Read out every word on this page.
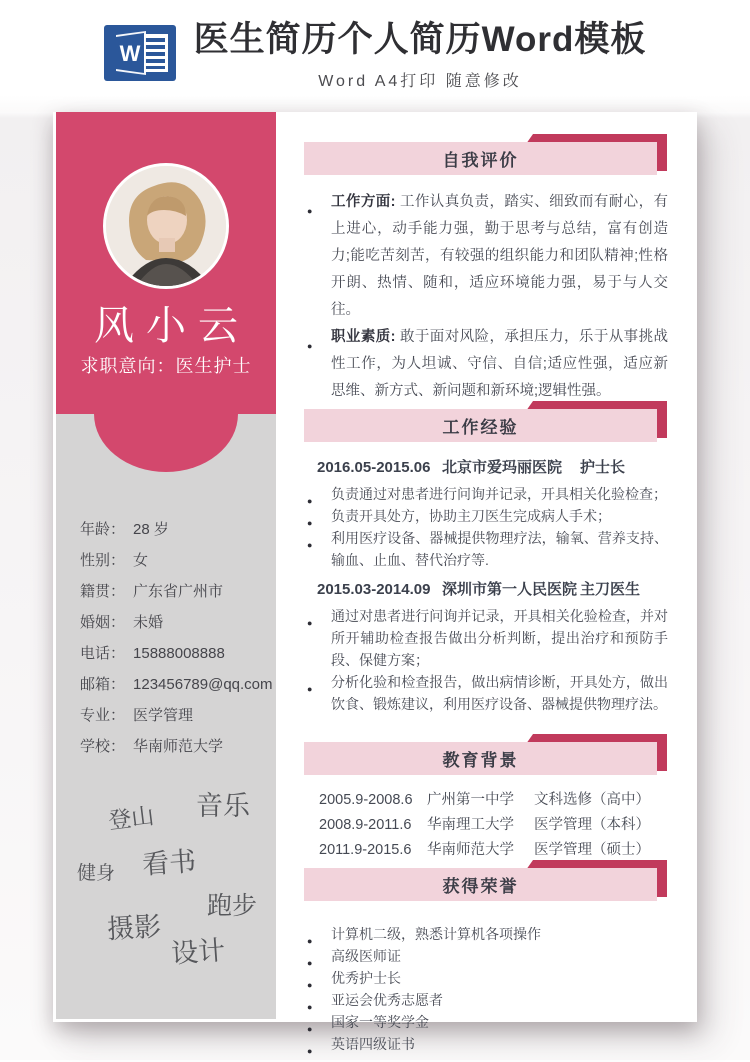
W 医生简历个人简历Word模板
Word A4打印 随意修改
风小云
求职意向：医生护士
年龄： 28 岁
性别： 女
籍贯： 广东省广州市
婚姻： 未婚
电话： 15888008888
邮箱： 123456789@qq.com
专业： 医学管理
学校： 华南师范大学
登山 音乐
看书
健身
跑步
摄影
设计
自我评价
● 工作方面: 工作认真负责，踏实、细致而有耐心，有上进心，动手能力强，勤于思考与总结，富有创造力;能吃苦刻苦，有较强的组织能力和团队精神;性格开朗、热情、随和，适应环境能力强，易于与人交往。
● 职业素质: 敢于面对风险，承担压力，乐于从事挑战性工作，为人坦诚、守信、自信;适应性强，适应新思维、新方式、新问题和新环境;逻辑性强。
工作经验
2016.05-2015.06 北京市爱玛丽医院	护士长
● 负责通过对患者进行问询并记录，开具相关化验检查；
● 负责开具处方，协助主刀医生完成病人手术；
● 利用医疗设备、器械提供物理疗法，输氧、营养支持、输血、止血、替代治疗等.
2015.03-2014.09 深圳市第一人民医院 主刀医生
● 通过对患者进行问询并记录，开具相关化验检查，并对所开辅助检查报告做出分析判断，提出治疗和预防手段、保健方案；
● 分析化验和检查报告，做出病情诊断，开具处方，做出饮食、锻炼建议，利用医疗设备、器械提供物理疗法。
教育背景
2005.9-2008.6 广州第一中学	文科选修（高中）
2008.9-2011.6	华南理工大学	医学管理（本科）
2011.9-2015.6	华南师范大学	医学管理（硕士）
获得荣誉
● 计算机二级，熟悉计算机各项操作
● 高级医师证
● 优秀护士长
● 亚运会优秀志愿者
● 国家一等奖学金
● 英语四级证书
